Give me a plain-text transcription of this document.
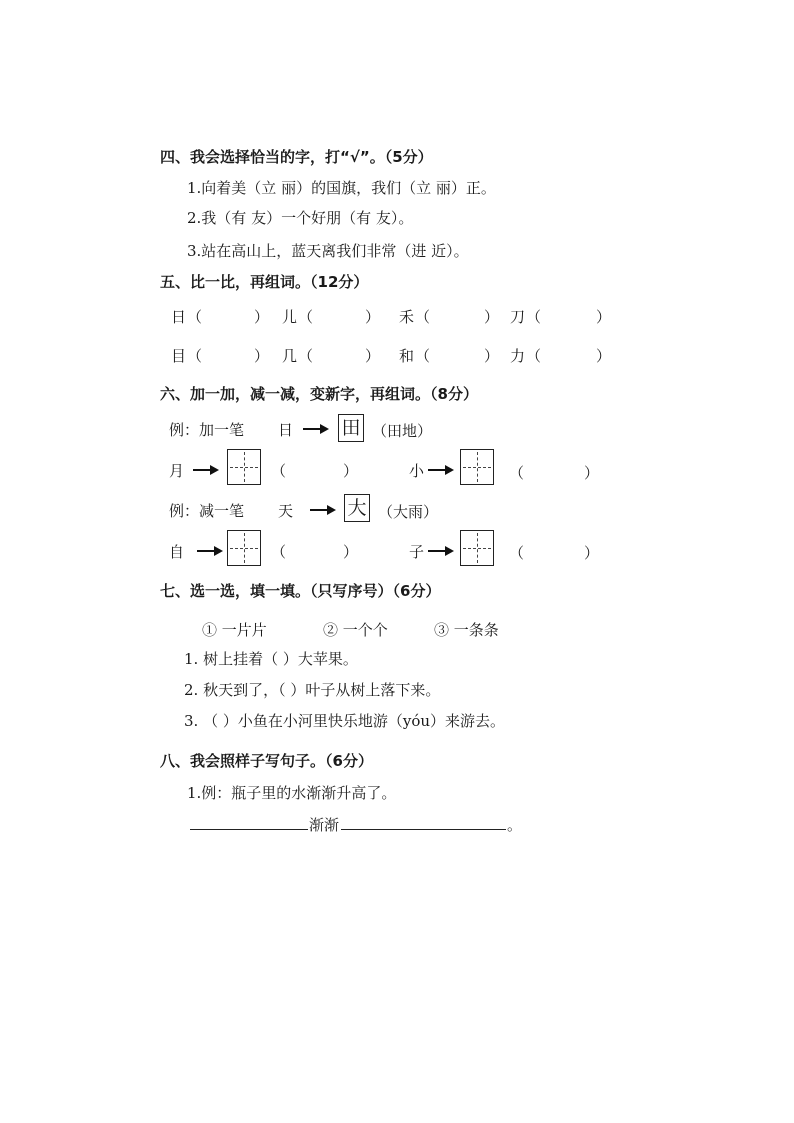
四、我会选择恰当的字，打“√”。（5分）
1.向着美（立 丽）的国旗，我们（立 丽）正。
2.我（有 友）一个好朋（有 友）。
3.站在高山上，蓝天离我们非常（进 近）。
五、比一比，再组词。（12分）
日 （	） 儿 （	） 禾 （	） 刀 （	）
目 （	） 几 （	） 和 （	） 力 （	）
六、加一加，减一减，变新字，再组词。（8分）
例：加一笔 日	田 （田地）
月	（	）	小	（	）
例：减一笔 天	大 （大雨）
自	（	）	子	（	）
七、选一选，填一填。（只写序号）（6分）
① 一片片	② 一个个	③ 一条条
1. 树上挂着（ ）大苹果。
2. 秋天到了，（ ）叶子从树上落下来。
3. （ ）小鱼在小河里快乐地游（yóu）来游去。
八、我会照样子写句子。（6分）
1.例：瓶子里的水渐渐升高了。
渐渐	。
